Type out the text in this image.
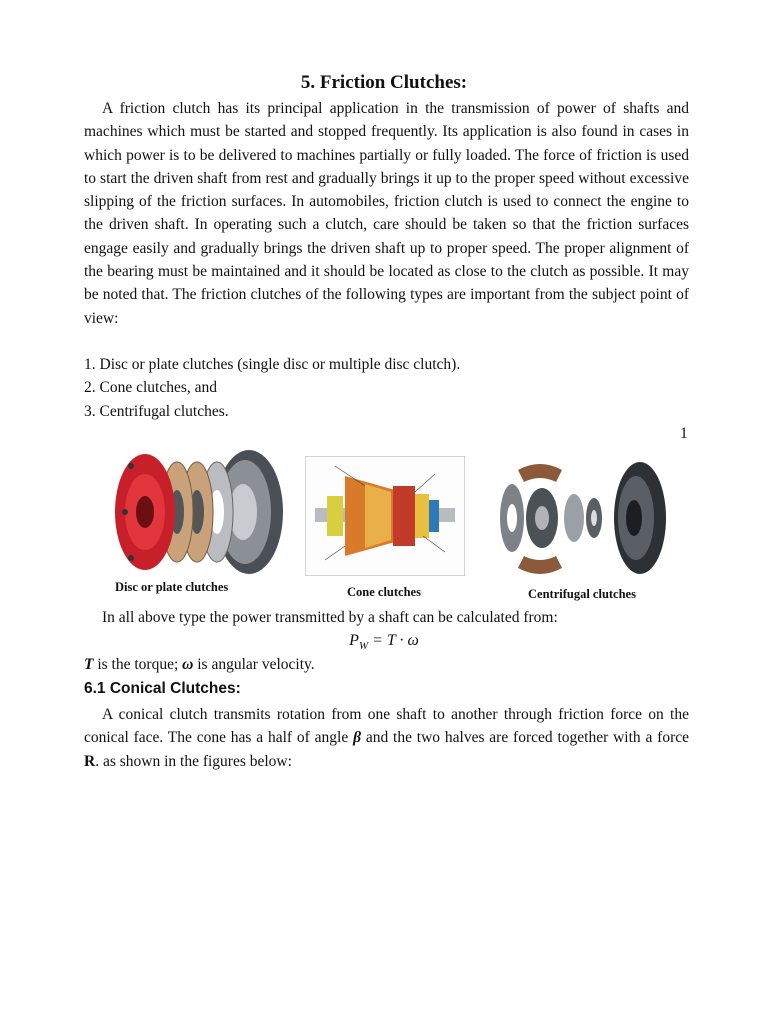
5. Friction Clutches:
A friction clutch has its principal application in the transmission of power of shafts and machines which must be started and stopped frequently. Its application is also found in cases in which power is to be delivered to machines partially or fully loaded. The force of friction is used to start the driven shaft from rest and gradually brings it up to the proper speed without excessive slipping of the friction surfaces. In automobiles, friction clutch is used to connect the engine to the driven shaft. In operating such a clutch, care should be taken so that the friction surfaces engage easily and gradually brings the driven shaft up to proper speed. The proper alignment of the bearing must be maintained and it should be located as close to the clutch as possible. It may be noted that. The friction clutches of the following types are important from the subject point of view:
1. Disc or plate clutches (single disc or multiple disc clutch).
2. Cone clutches, and
3. Centrifugal clutches.
1
Disc or plate clutches	Cone clutches	Centrifugal clutches
In all above type the power transmitted by a shaft can be calculated from:
$P_W = T \cdot \omega$
T is the torque; ω is angular velocity.
6.1 Conical Clutches:
A conical clutch transmits rotation from one shaft to another through friction force on the conical face. The cone has a half of angle β and the two halves are forced together with a force R. as shown in the figures below:
